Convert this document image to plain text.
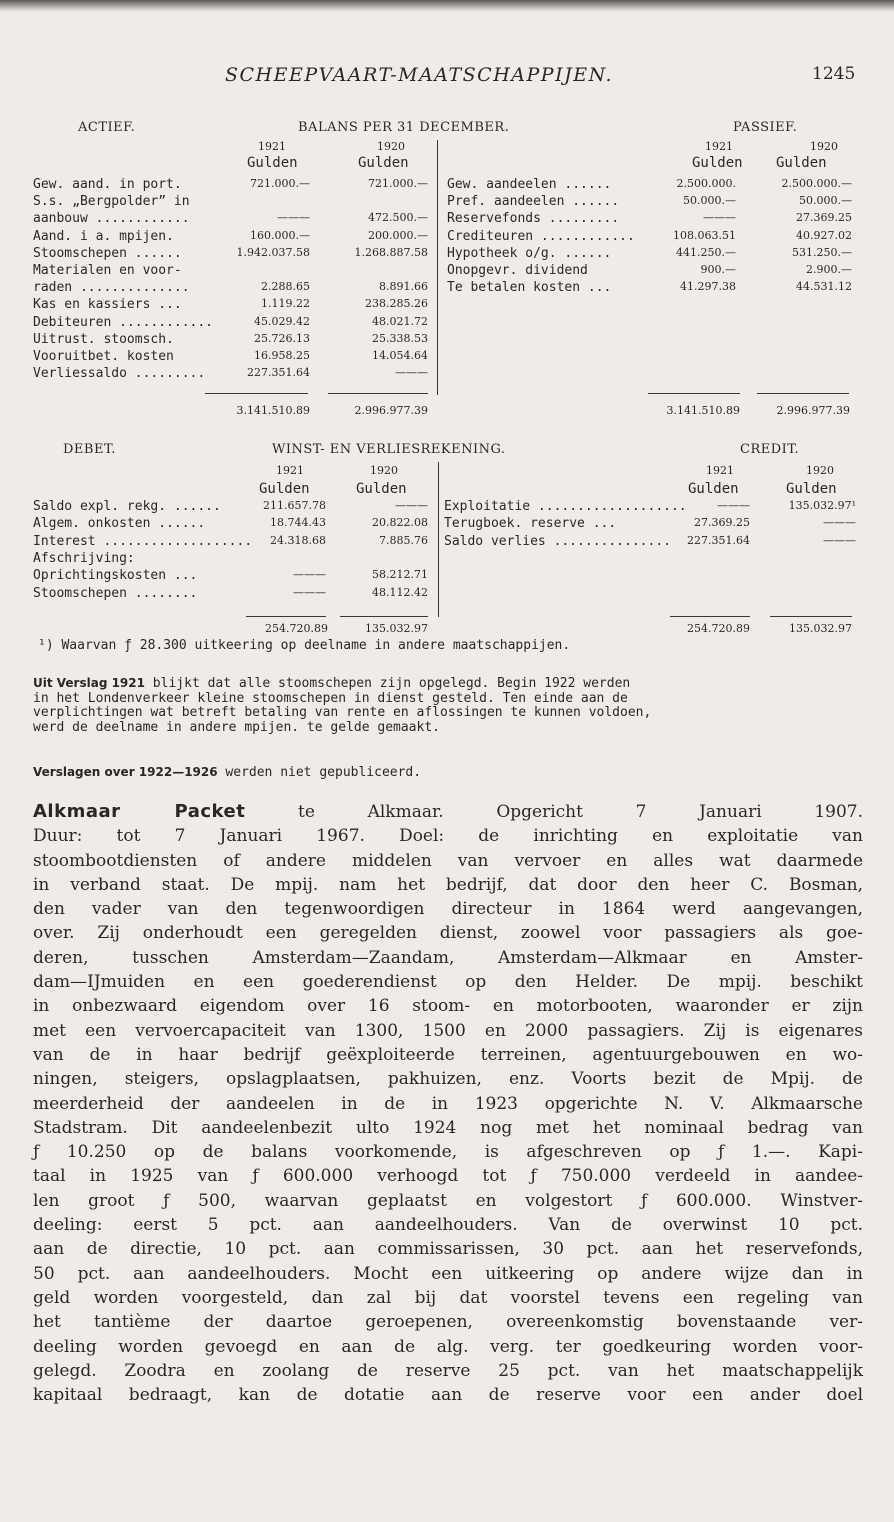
SCHEEPVAART-MAATSCHAPPIJEN.	1245
ACTIEF.	BALANS PER 31 DECEMBER.	PASSIEF.
1921	1920	1921	1920
Gulden	Gulden	Gulden Gulden
Gew. aand. in port.	721.000.—	721.000.—
S.s. „Bergpolder” in
aanbouw ............	———	472.500.—
Aand. i a. mpijen.	160.000.—	200.000.—
Stoomschepen ......	1.942.037.58	1.268.887.58
Materialen en voor-
raden ..............	2.288.65	8.891.66
Kas en kassiers ...	1.119.22	238.285.26
Debiteuren ............	45.029.42	48.021.72
Uitrust. stoomsch.	25.726.13	25.338.53
Vooruitbet. kosten	16.958.25	14.054.64
Verliessaldo .........	227.351.64	———
Gew. aandeelen ......	2.500.000.	2.500.000.—
Pref. aandeelen ......	50.000.—	50.000.—
Reservefonds .........	———	27.369.25
Crediteuren ............	108.063.51	40.927.02
Hypotheek o/g. ......	441.250.—	531.250.—
Onopgevr. dividend	900.—	2.900.—
Te betalen kosten ...	41.297.38	44.531.12
3.141.510.89	2.996.977.39	3.141.510.89	2.996.977.39
DEBET.	WINST- EN VERLIESREKENING.	CREDIT.
1921	1920	1921	1920
Gulden	Gulden	Gulden	Gulden
Saldo expl. rekg. ......	211.657.78	———
Algem. onkosten ......	18.744.43	20.822.08
Interest ...................	24.318.68	7.885.76
Afschrijving:
Oprichtingskosten ...	———	58.212.71
Stoomschepen ........	———	48.112.42
Exploitatie ...................	———	135.032.97¹
Terugboek. reserve ...	27.369.25	———
Saldo verlies ...............	227.351.64	———
254.720.89	135.032.97	254.720.89	135.032.97
¹) Waarvan ƒ 28.300 uitkeering op deelname in andere maatschappijen.
Uit Verslag 1921 blijkt dat alle stoomschepen zijn opgelegd. Begin 1922 werden
in het Londenverkeer kleine stoomschepen in dienst gesteld. Ten einde aan de
verplichtingen wat betreft betaling van rente en aflossingen te kunnen voldoen,
werd de deelname in andere mpijen. te gelde gemaakt.
Verslagen over 1922—1926 werden niet gepubliceerd.
Alkmaar Packet te Alkmaar. Opgericht 7 Januari 1907.
Duur: tot 7 Januari 1967. Doel: de inrichting en exploitatie van
stoombootdiensten of andere middelen van vervoer en alles wat daarmede
in verband staat. De mpij. nam het bedrijf, dat door den heer C. Bosman,
den vader van den tegenwoordigen directeur in 1864 werd aangevangen,
over. Zij onderhoudt een geregelden dienst, zoowel voor passagiers als goe-
deren, tusschen Amsterdam—Zaandam, Amsterdam—Alkmaar en Amster-
dam—IJmuiden en een goederendienst op den Helder. De mpij. beschikt
in onbezwaard eigendom over 16 stoom- en motorbooten, waaronder er zijn
met een vervoercapaciteit van 1300, 1500 en 2000 passagiers. Zij is eigenares
van de in haar bedrijf geëxploiteerde terreinen, agentuurgebouwen en wo-
ningen, steigers, opslagplaatsen, pakhuizen, enz. Voorts bezit de Mpij. de
meerderheid der aandeelen in de in 1923 opgerichte N. V. Alkmaarsche
Stadstram. Dit aandeelenbezit ulto 1924 nog met het nominaal bedrag van
ƒ 10.250 op de balans voorkomende, is afgeschreven op ƒ 1.—. Kapi-
taal in 1925 van ƒ 600.000 verhoogd tot ƒ 750.000 verdeeld in aandee-
len groot ƒ 500, waarvan geplaatst en volgestort ƒ 600.000. Winstver-
deeling: eerst 5 pct. aan aandeelhouders. Van de overwinst 10 pct.
aan de directie, 10 pct. aan commissarissen, 30 pct. aan het reservefonds,
50 pct. aan aandeelhouders. Mocht een uitkeering op andere wijze dan in
geld worden voorgesteld, dan zal bij dat voorstel tevens een regeling van
het tantième der daartoe geroepenen, overeenkomstig bovenstaande ver-
deeling worden gevoegd en aan de alg. verg. ter goedkeuring worden voor-
gelegd. Zoodra en zoolang de reserve 25 pct. van het maatschappelijk
kapitaal bedraagt, kan de dotatie aan de reserve voor een ander doel
